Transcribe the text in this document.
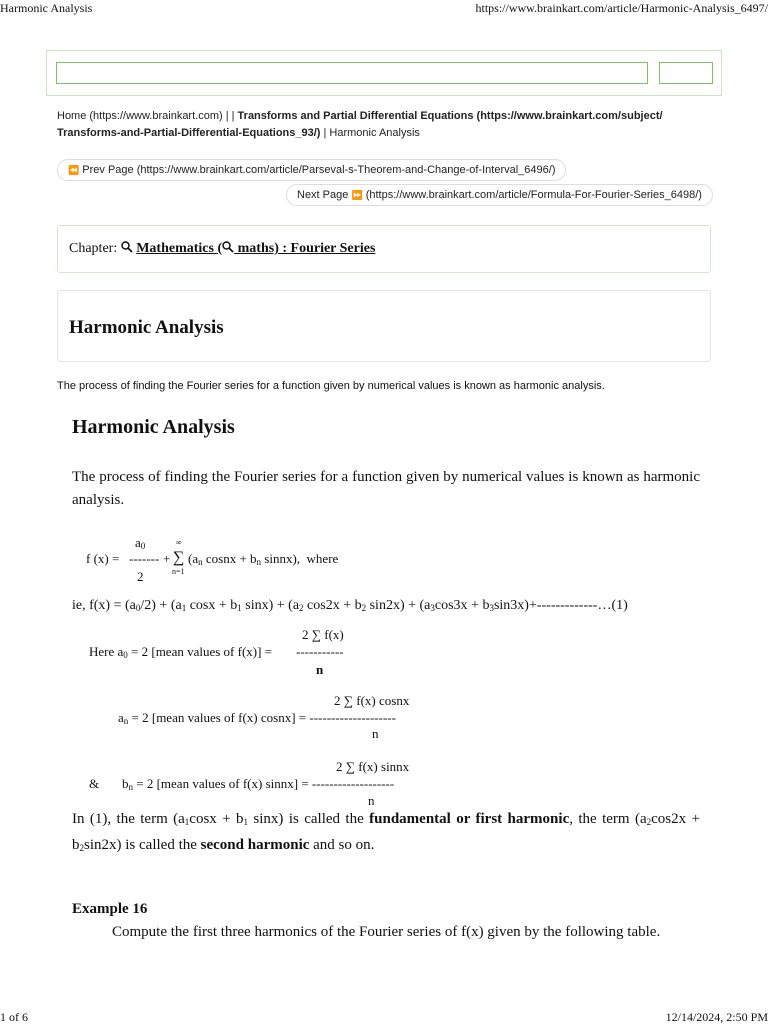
Harmonic Analysis	https://www.brainkart.com/article/Harmonic-Analysis_6497/
Home (https://www.brainkart.com) | | Transforms and Partial Differential Equations (https://www.brainkart.com/subject/
Transforms-and-Partial-Differential-Equations_93/) | Harmonic Analysis
⏪ Prev Page (https://www.brainkart.com/article/Parseval-s-Theorem-and-Change-of-Interval_6496/)
Next Page ⏩ (https://www.brainkart.com/article/Formula-For-Fourier-Series_6498/)
Chapter:  Mathematics ( maths) : Fourier Series
Harmonic Analysis
The process of finding the Fourier series for a function given by numerical values is known as harmonic analysis.
Harmonic Analysis
The process of finding the Fourier series for a function given by numerical values is known as harmonic analysis.
$a_0$
f (x) = ------- +
∞
∑
n=1
($a_n$ cosnx + $b_n$ sinnx),  where
2
ie, $f(x) = (a_0/2) + (a_1$ $\cos x + b_1$ $\sin x) + (a_2$ $\cos 2x + b_2$ $\sin 2x) + (a_3\cos 3x$ + $b_3\sin 3x)+-------------\dots(1)$
2 ∑ f(x)
Here $a_0 = 2$ [mean values of f(x)] = -----------
n
2 ∑ f(x) cosnx
$a_n = 2$ [mean values of f(x) cosnx] = --------------------
n
2 ∑ f(x) sinnx
& $b_n = 2$ [mean values of f(x) sinnx] = -------------------
n
In (1), the term ($a_1\cos x + b_1$ sinx) is called the fundamental or first harmonic, the term $(a_2\cos 2x + b_2\sin 2x)$ is called the second harmonic and so on.
Example 16
Compute the first three harmonics of the Fourier series of f(x) given by the following table.
1 of 6	12/14/2024, 2:50 PM
